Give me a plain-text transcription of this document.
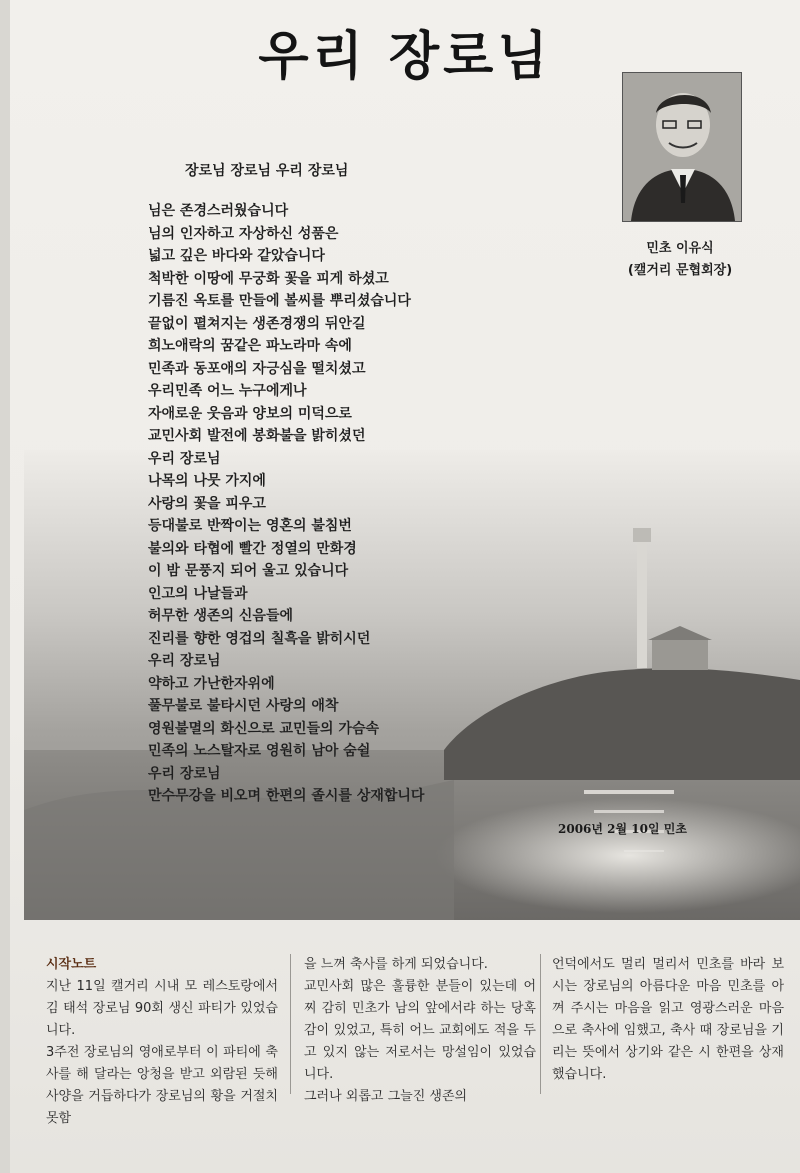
우리 장로님
민초 이유식
(캘거리 문협회장)
장로님 장로님 우리 장로님
님은 존경스러웠습니다
님의 인자하고 자상하신 성품은
넓고 깊은 바다와 같았습니다
척박한 이땅에 무궁화 꽃을 피게 하셨고
기름진 옥토를 만들에 볼씨를 뿌리셨습니다
끝없이 펼쳐지는 생존경쟁의 뒤안길
희노애락의 꿈같은 파노라마 속에
민족과 동포애의 자긍심을 떨치셨고
우리민족 어느 누구에게나
자애로운 웃음과 양보의 미덕으로
교민사회 발전에 봉화불을 밝히셨던
우리 장로님
나목의 나뭇 가지에
사랑의 꽃을 피우고
등대불로 반짝이는 영혼의 불침번
불의와 타협에 빨간 정열의 만화경
이 밤 문풍지 되어 울고 있습니다
인고의 나날들과
허무한 생존의 신음들에
진리를 향한 영겁의 칠흑을 밝히시던
우리 장로님
약하고 가난한자위에
풀무불로 불타시던 사랑의 애착
영원불멸의 화신으로 교민들의 가슴속
민족의 노스탈자로 영원히 남아 숨쉴
우리 장로님
만수무강을 비오며 한편의 졸시를 상재합니다
2006년 2월 10일 민초

시작노트

지난 11일 캘거리 시내 모 레스토랑에서 김 태석 장로님 90회 생신 파티가 있었습니다.

3주전 장로님의 영애로부터 이 파티에 축사를 해 달라는 앙청을 받고 외람된 듯해 사양을 거듭하다가 장로님의 황을 거절치 못함

을 느껴 축사를 하게 되었습니다.

교민사회 많은 훌륭한 분들이 있는데 어찌 감히 민초가 남의 앞에서랴 하는 당혹감이 있었고, 특히 어느 교회에도 적을 두고 있지 않는 저로서는 망설임이 있었습니다.

그러나 외롭고 그늘진 생존의

언덕에서도 멀리 멀리서 민초를 바라 보시는 장로님의 아름다운 마음 민초를 아껴 주시는 마음을 읽고 영광스러운 마음으로 축사에 임했고, 축사 때 장로님을 기리는 뜻에서 상기와 같은 시 한편을 상재했습니다.
